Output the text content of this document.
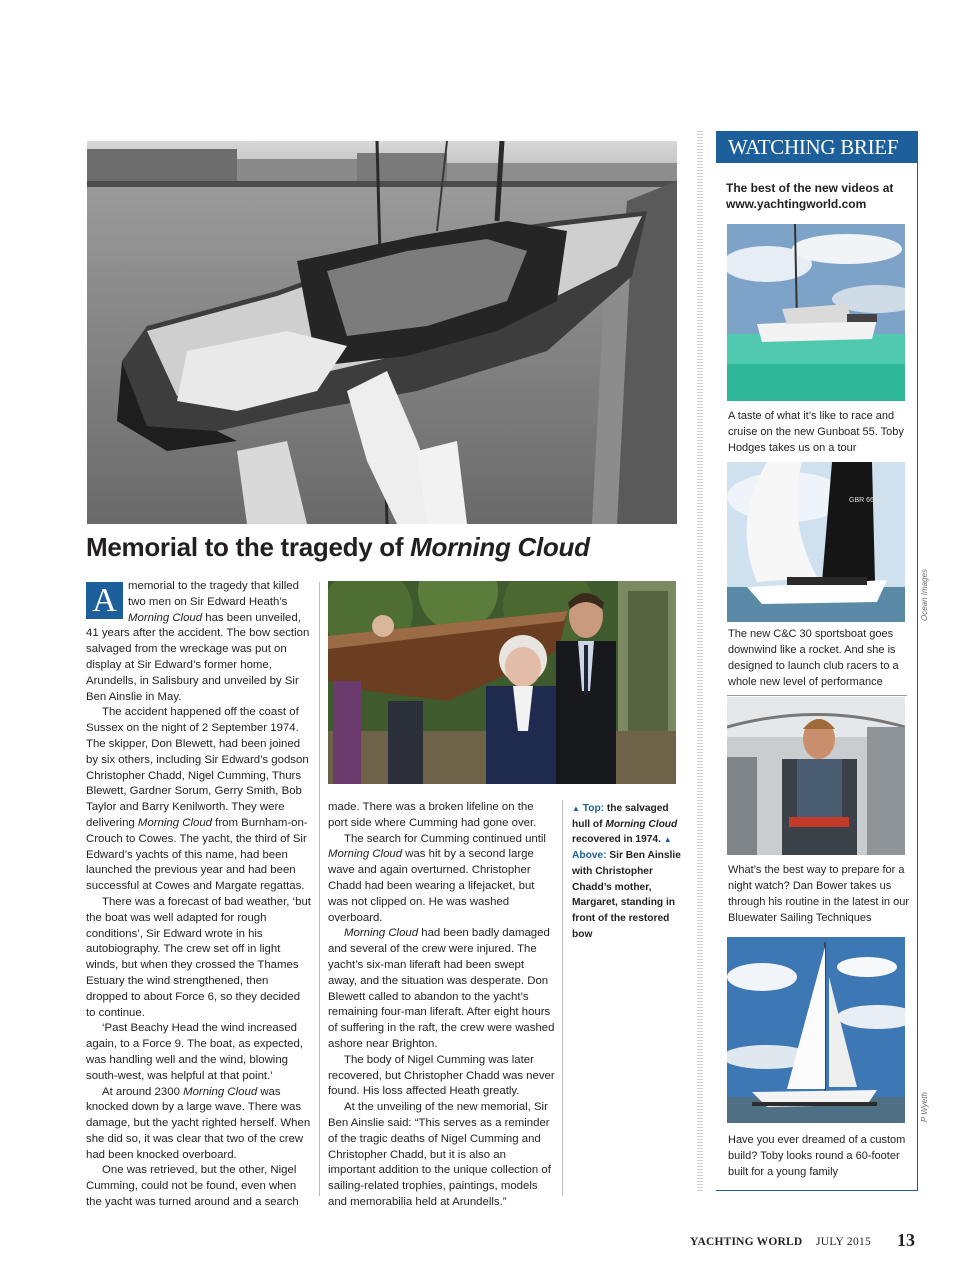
Memorial to the tragedy of Morning Cloud

A memorial to the tragedy that killed two men on Sir Edward Heath’s Morning Cloud has been unveiled, 41 years after the accident. The bow section salvaged from the wreckage was put on display at Sir Edward’s former home, Arundells, in Salisbury and unveiled by Sir Ben Ainslie in May.

The accident happened off the coast of Sussex on the night of 2 September 1974. The skipper, Don Blewett, had been joined by six others, including Sir Edward’s godson Christopher Chadd, Nigel Cumming, Thurs Blewett, Gardner Sorum, Gerry Smith, Bob Taylor and Barry Kenilworth. They were delivering Morning Cloud from Burnham-on-Crouch to Cowes. The yacht, the third of Sir Edward’s yachts of this name, had been launched the previous year and had been successful at Cowes and Margate regattas.

There was a forecast of bad weather, ‘but the boat was well adapted for rough conditions’, Sir Edward wrote in his autobiography. The crew set off in light winds, but when they crossed the Thames Estuary the wind strengthened, then dropped to about Force 6, so they decided to continue.

‘Past Beachy Head the wind increased again, to a Force 9. The boat, as expected, was handling well and the wind, blowing south-west, was helpful at that point.’

At around 2300 Morning Cloud was knocked down by a large wave. There was damage, but the yacht righted herself. When she did so, it was clear that two of the crew had been knocked overboard.

One was retrieved, but the other, Nigel Cumming, could not be found, even when the yacht was turned around and a search

made. There was a broken lifeline on the port side where Cumming had gone over.

The search for Cumming continued until Morning Cloud was hit by a second large wave and again overturned. Christopher Chadd had been wearing a lifejacket, but was not clipped on. He was washed overboard.

Morning Cloud had been badly damaged and several of the crew were injured. The yacht’s six-man liferaft had been swept away, and the situation was desperate. Don Blewett called to abandon to the yacht’s remaining four-man liferaft. After eight hours of suffering in the raft, the crew were washed ashore near Brighton.

The body of Nigel Cumming was later recovered, but Christopher Chadd was never found. His loss affected Heath greatly.

At the unveiling of the new memorial, Sir Ben Ainslie said: “This serves as a reminder of the tragic deaths of Nigel Cumming and Christopher Chadd, but it is also an important addition to the unique collection of sailing-related trophies, paintings, models and memorabilia held at Arundells.”

▲ Top: the salvaged hull of Morning Cloud recovered in 1974. ▲ Above: Sir Ben Ainslie with Christopher Chadd’s mother, Margaret, standing in front of the restored bow
WATCHING BRIEF
The best of the new videos at www.yachtingworld.com
A taste of what it’s like to race and cruise on the new Gunboat 55. Toby Hodges takes us on a tour
GBR 6615R
The new C&C 30 sportsboat goes downwind like a rocket. And she is designed to launch club racers to a whole new level of performance
What’s the best way to prepare for a night watch? Dan Bower takes us through his routine in the latest in our Bluewater Sailing Techniques
Have you ever dreamed of a custom build? Toby looks round a 60-footer built for a young family
Ocean Images
P Wyeth
YACHTING WORLD JULY 2015 13
